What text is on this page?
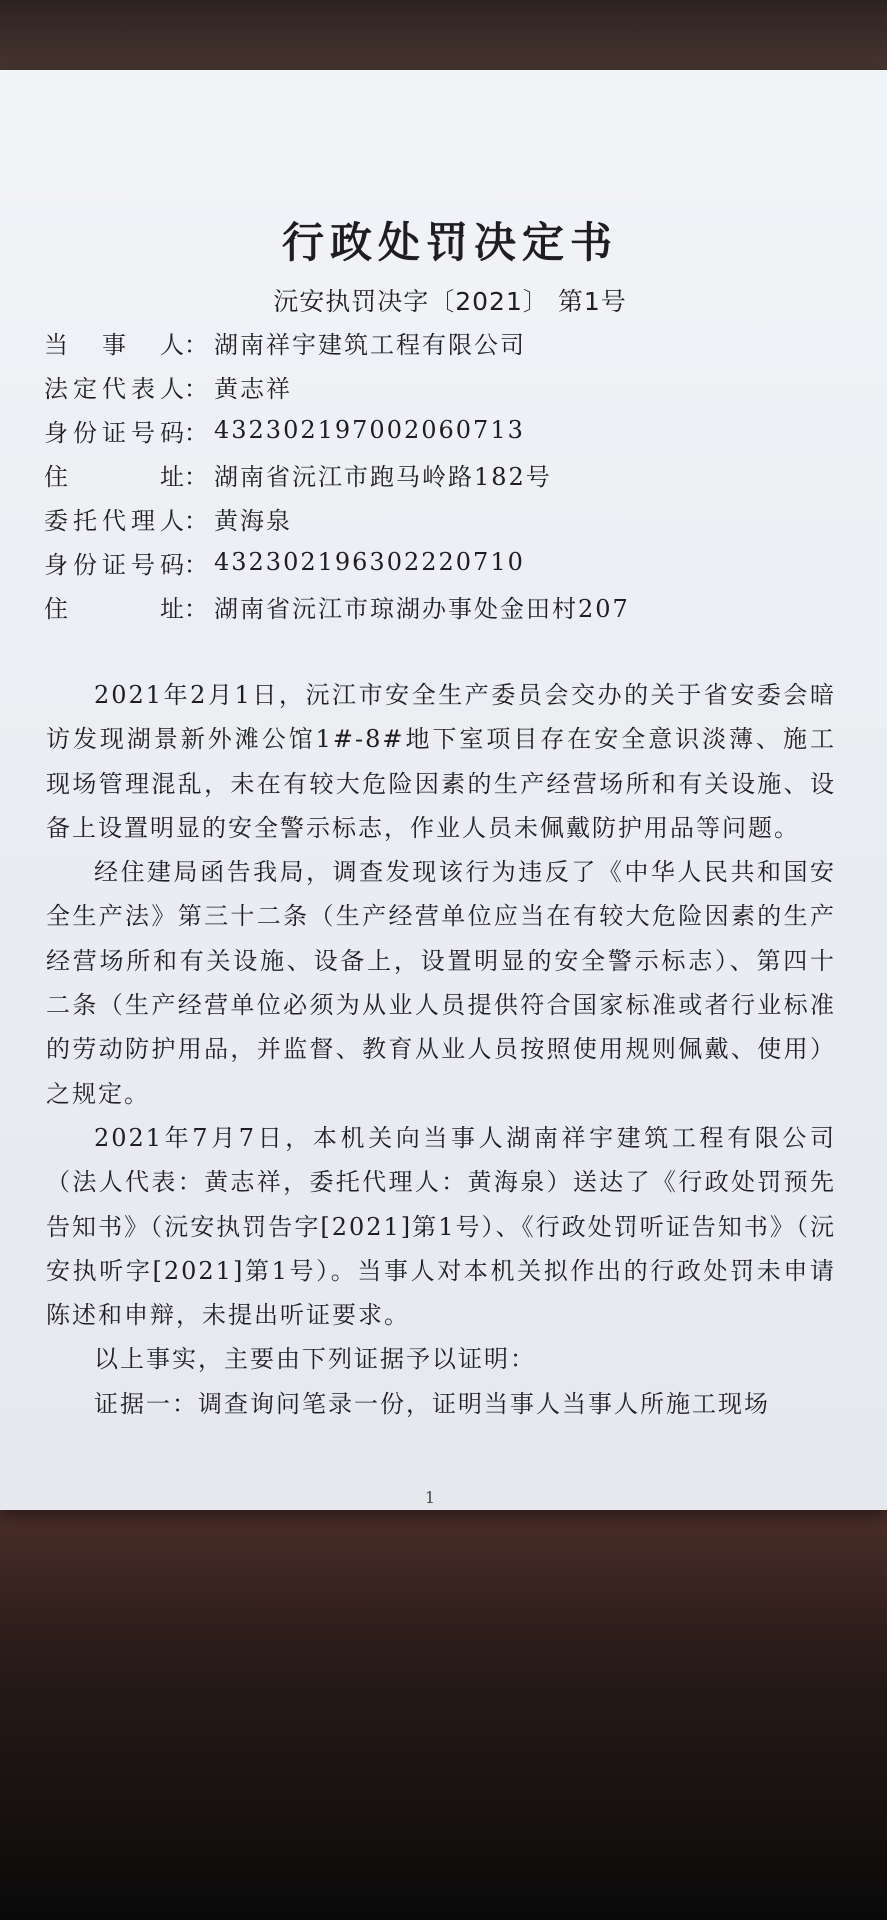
行政处罚决定书
沅安执罚决字〔2021〕 第1号
当 事 人 ： 湖南祥宇建筑工程有限公司
法 定 代 表 人 ： 黄志祥
身 份 证 号 码 ： 432302197002060713
住	址 ： 湖南省沅江市跑马岭路182号
委 托 代 理 人 ： 黄海泉
身 份 证 号 码 ： 432302196302220710
住	址 ： 湖南省沅江市琼湖办事处金田村207

2021年2月1日，沅江市安全生产委员会交办的关于省安委会暗访发现湖景新外滩公馆1#-8#地下室项目存在安全意识淡薄、施工现场管理混乱，未在有较大危险因素的生产经营场所和有关设施、设备上设置明显的安全警示标志，作业人员未佩戴防护用品等问题。

经住建局函告我局，调查发现该行为违反了《中华人民共和国安全生产法》第三十二条（生产经营单位应当在有较大危险因素的生产经营场所和有关设施、设备上，设置明显的安全警示标志）、第四十二条（生产经营单位必须为从业人员提供符合国家标准或者行业标准的劳动防护用品，并监督、教育从业人员按照使用规则佩戴、使用）之规定。

2021年7月7日，本机关向当事人湖南祥宇建筑工程有限公司（法人代表：黄志祥，委托代理人：黄海泉）送达了《行政处罚预先告知书》（沅安执罚告字[2021]第1号）、《行政处罚听证告知书》（沅安执听字[2021]第1号）。当事人对本机关拟作出的行政处罚未申请陈述和申辩，未提出听证要求。

以上事实，主要由下列证据予以证明：

证据一：调查询问笔录一份，证明当事人当事人所施工现场

1
